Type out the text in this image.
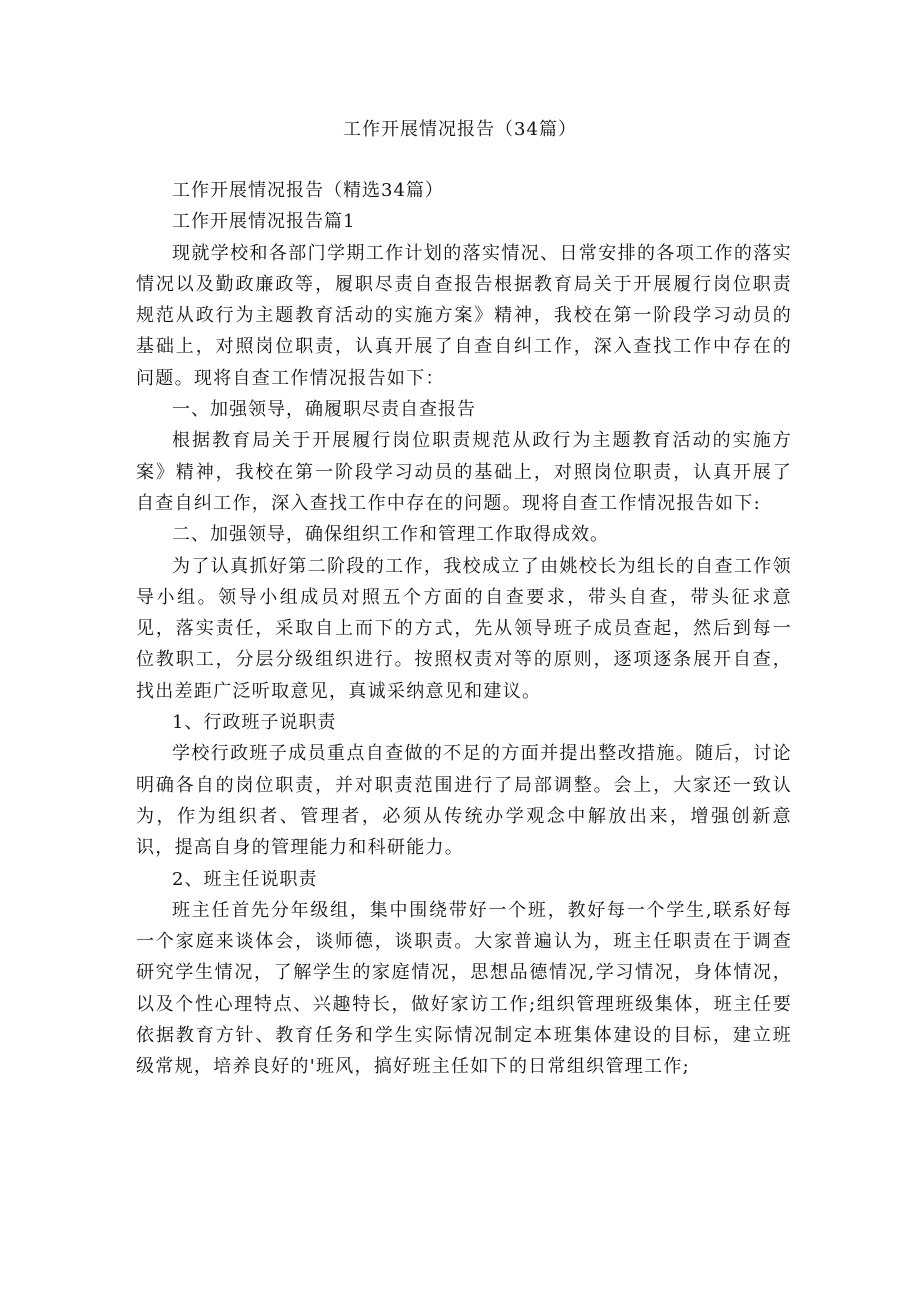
工作开展情况报告（34篇）

工作开展情况报告（精选34篇）

工作开展情况报告篇1

现就学校和各部门学期工作计划的落实情况、日常安排的各项工作的落实情况以及勤政廉政等，履职尽责自查报告根据教育局关于开展履行岗位职责规范从政行为主题教育活动的实施方案》精神，我校在第一阶段学习动员的基础上，对照岗位职责，认真开展了自查自纠工作，深入查找工作中存在的问题。现将自查工作情况报告如下：

一、加强领导，确履职尽责自查报告

根据教育局关于开展履行岗位职责规范从政行为主题教育活动的实施方案》精神，我校在第一阶段学习动员的基础上，对照岗位职责，认真开展了自查自纠工作，深入查找工作中存在的问题。现将自查工作情况报告如下:

二、加强领导，确保组织工作和管理工作取得成效。

为了认真抓好第二阶段的工作，我校成立了由姚校长为组长的自查工作领导小组。领导小组成员对照五个方面的自查要求，带头自查，带头征求意见，落实责任，采取自上而下的方式，先从领导班子成员查起，然后到每一位教职工，分层分级组织进行。按照权责对等的原则，逐项逐条展开自查，找出差距广泛听取意见，真诚采纳意见和建议。

1、行政班子说职责

学校行政班子成员重点自查做的不足的方面并提出整改措施。随后，讨论明确各自的岗位职责，并对职责范围进行了局部调整。会上，大家还一致认为，作为组织者、管理者，必须从传统办学观念中解放出来，增强创新意识，提高自身的管理能力和科研能力。

2、班主任说职责

班主任首先分年级组，集中围绕带好一个班，教好每一个学生,联系好每一个家庭来谈体会，谈师德，谈职责。大家普遍认为，班主任职责在于调查研究学生情况，了解学生的家庭情况，思想品德情况,学习情况，身体情况，以及个性心理特点、兴趣特长，做好家访工作;组织管理班级集体，班主任要依据教育方针、教育任务和学生实际情况制定本班集体建设的目标，建立班级常规，培养良好的'班风，搞好班主任如下的日常组织管理工作;
